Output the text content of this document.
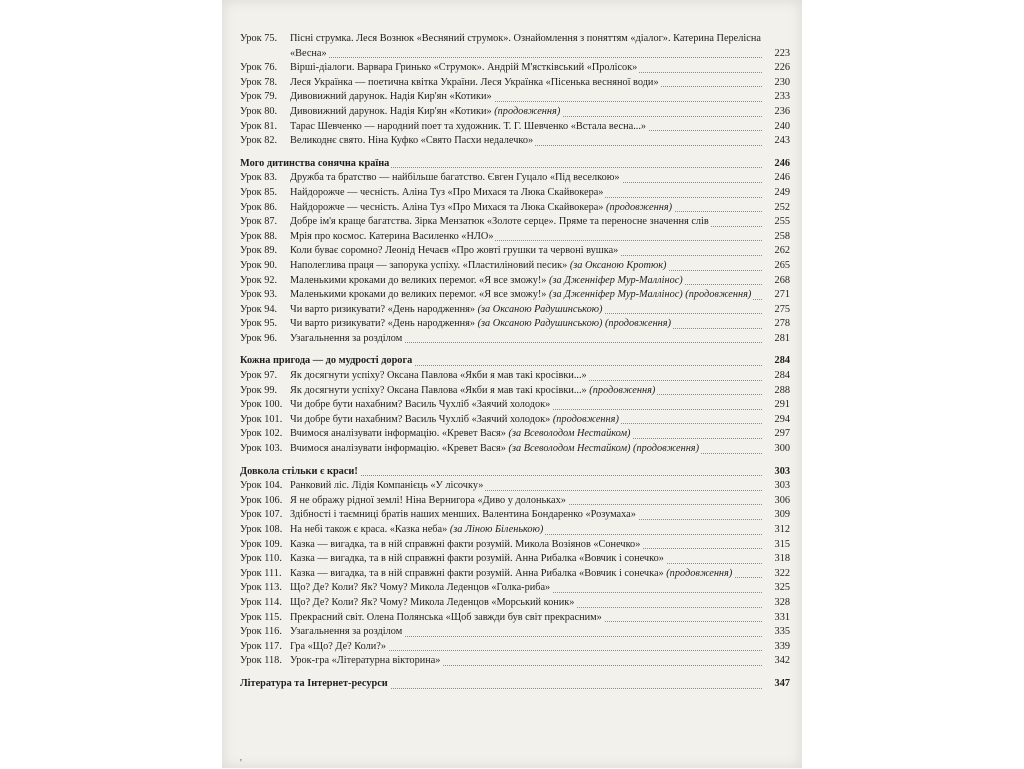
Урок 75. Пісні струмка. Леся Вознюк «Весняний струмок». Ознайомлення з поняттям «діалог». Катерина Перелісна «Весна»	223
Урок 76. Вірші-діалоги. Варвара Гринько «Струмок». Андрій М'ястківський «Пролісок»	226
Урок 78. Леся Українка — поетична квітка України. Леся Українка «Пісенька весняної води»	230
Урок 79. Дивовижний дарунок. Надія Кир'ян «Котики»	233
Урок 80. Дивовижний дарунок. Надія Кир'ян «Котики» (продовження)	236
Урок 81. Тарас Шевченко — народний поет та художник. Т. Г. Шевченко «Встала весна...»	240
Урок 82. Великоднє свято. Ніна Куфко «Свято Пасхи недалечко»	243
Мого дитинства сонячна країна	246
Урок 83. Дружба та братство — найбільше багатство. Євген Гуцало «Під веселкою»	246
Урок 85. Найдорожче — чесність. Аліна Туз «Про Михася та Люка Скайвокера»	249
Урок 86. Найдорожче — чесність. Аліна Туз «Про Михася та Люка Скайвокера» (продовження)	252
Урок 87. Добре ім'я краще багатства. Зірка Мензатюк «Золоте серце». Пряме та переносне значення слів	255
Урок 88. Мрія про космос. Катерина Василенко «НЛО»	258
Урок 89. Коли буває соромно? Леонід Нечаєв «Про жовті грушки та червоні вушка»	262
Урок 90. Наполеглива праця — запорука успіху. «Пластиліновий песик» (за Оксаною Кротюк)	265
Урок 92. Маленькими кроками до великих перемог. «Я все зможу!» (за Дженніфер Мур-Маллінос)	268
Урок 93. Маленькими кроками до великих перемог. «Я все зможу!» (за Дженніфер Мур-Маллінос) (продовження)	271
Урок 94. Чи варто ризикувати? «День народження» (за Оксаною Радушинською)	275
Урок 95. Чи варто ризикувати? «День народження» (за Оксаною Радушинською) (продовження)	278
Урок 96. Узагальнення за розділом	281
Кожна пригода — до мудрості дорога	284
Урок 97. Як досягнути успіху? Оксана Павлова «Якби я мав такі кросівки...»	284
Урок 99. Як досягнути успіху? Оксана Павлова «Якби я мав такі кросівки...» (продовження)	288
Урок 100. Чи добре бути нахабним? Василь Чухліб «Заячий холодок»	291
Урок 101. Чи добре бути нахабним? Василь Чухліб «Заячий холодок» (продовження)	294
Урок 102. Вчимося аналізувати інформацію. «Кревет Вася» (за Всеволодом Нестайком)	297
Урок 103. Вчимося аналізувати інформацію. «Кревет Вася» (за Всеволодом Нестайком) (продовження)	300
Довкола стільки є краси!	303
Урок 104. Ранковий ліс. Лідія Компанієць «У лісочку»	303
Урок 106. Я не ображу рідної землі! Ніна Вернигора «Диво у долоньках»	306
Урок 107. Здібності і таємниці братів наших менших. Валентина Бондаренко «Розумаха»	309
Урок 108. На небі також є краса. «Казка неба» (за Ліною Біленькою)	312
Урок 109. Казка — вигадка, та в ній справжні факти розумій. Микола Возіянов «Сонечко»	315
Урок 110. Казка — вигадка, та в ній справжні факти розумій. Анна Рибалка «Вовчик і сонечко»	318
Урок 111. Казка — вигадка, та в ній справжні факти розумій. Анна Рибалка «Вовчик і сонечка» (продовження)	322
Урок 113. Що? Де? Коли? Як? Чому? Микола Леденцов «Голка-риба»	325
Урок 114. Що? Де? Коли? Як? Чому? Микола Леденцов «Морський коник»	328
Урок 115. Прекрасний світ. Олена Полянська «Щоб завжди був світ прекрасним»	331
Урок 116. Узагальнення за розділом	335
Урок 117. Гра «Що? Де? Коли?»	339
Урок 118. Урок-гра «Літературна вікторина»	342
Література та Інтернет-ресурси	347
'
